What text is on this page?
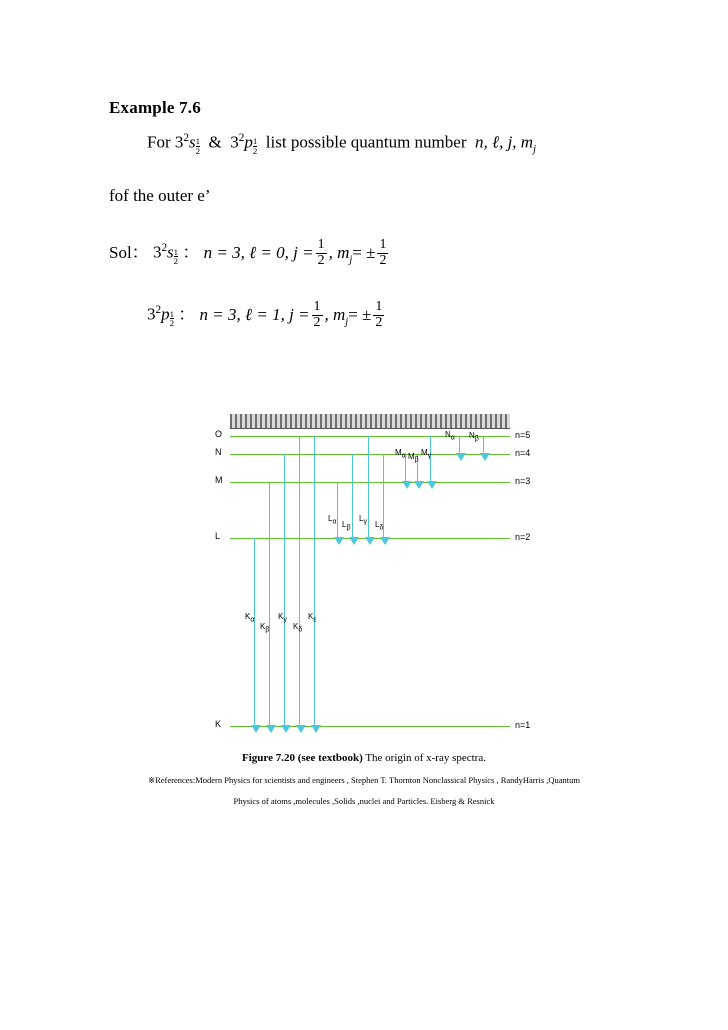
Example 7.6
For $3^2s \frac{1}{2}$ & $3^2p \frac{1}{2}$ list possible quantum number n, ℓ, j, $m_j$
fof the outer e’
Sol： $3^2s \frac{1}{2}$ ： n = 3, ℓ = 0, $j = \frac{1}{2}$ , $m_j= \pm \frac{1}{2}$
$3^2p \frac{1}{2}$ ： n = 3, ℓ = 1, $j = \frac{1}{2}$ , $m_j= \pm \frac{1}{2}$
O	n=5
N	n=4
M	n=3
L	n=2
K	n=1
Nα Nβ
Mα Mβ
Mγ
Lα Lβ
Lγ Lδ
Kα
Kβ
Kγ
Kδ
Kε
Figure 7.20 (see textbook) The origin of x-ray spectra.
※References:Modern Physics for scientists and engineers , Stephen T. Thornton Nonclassical Physics , RandyHarris ,Quantum
Physics of atoms ,molecules ,Solids ,nuclei and Particles. Eisberg & Resnick
